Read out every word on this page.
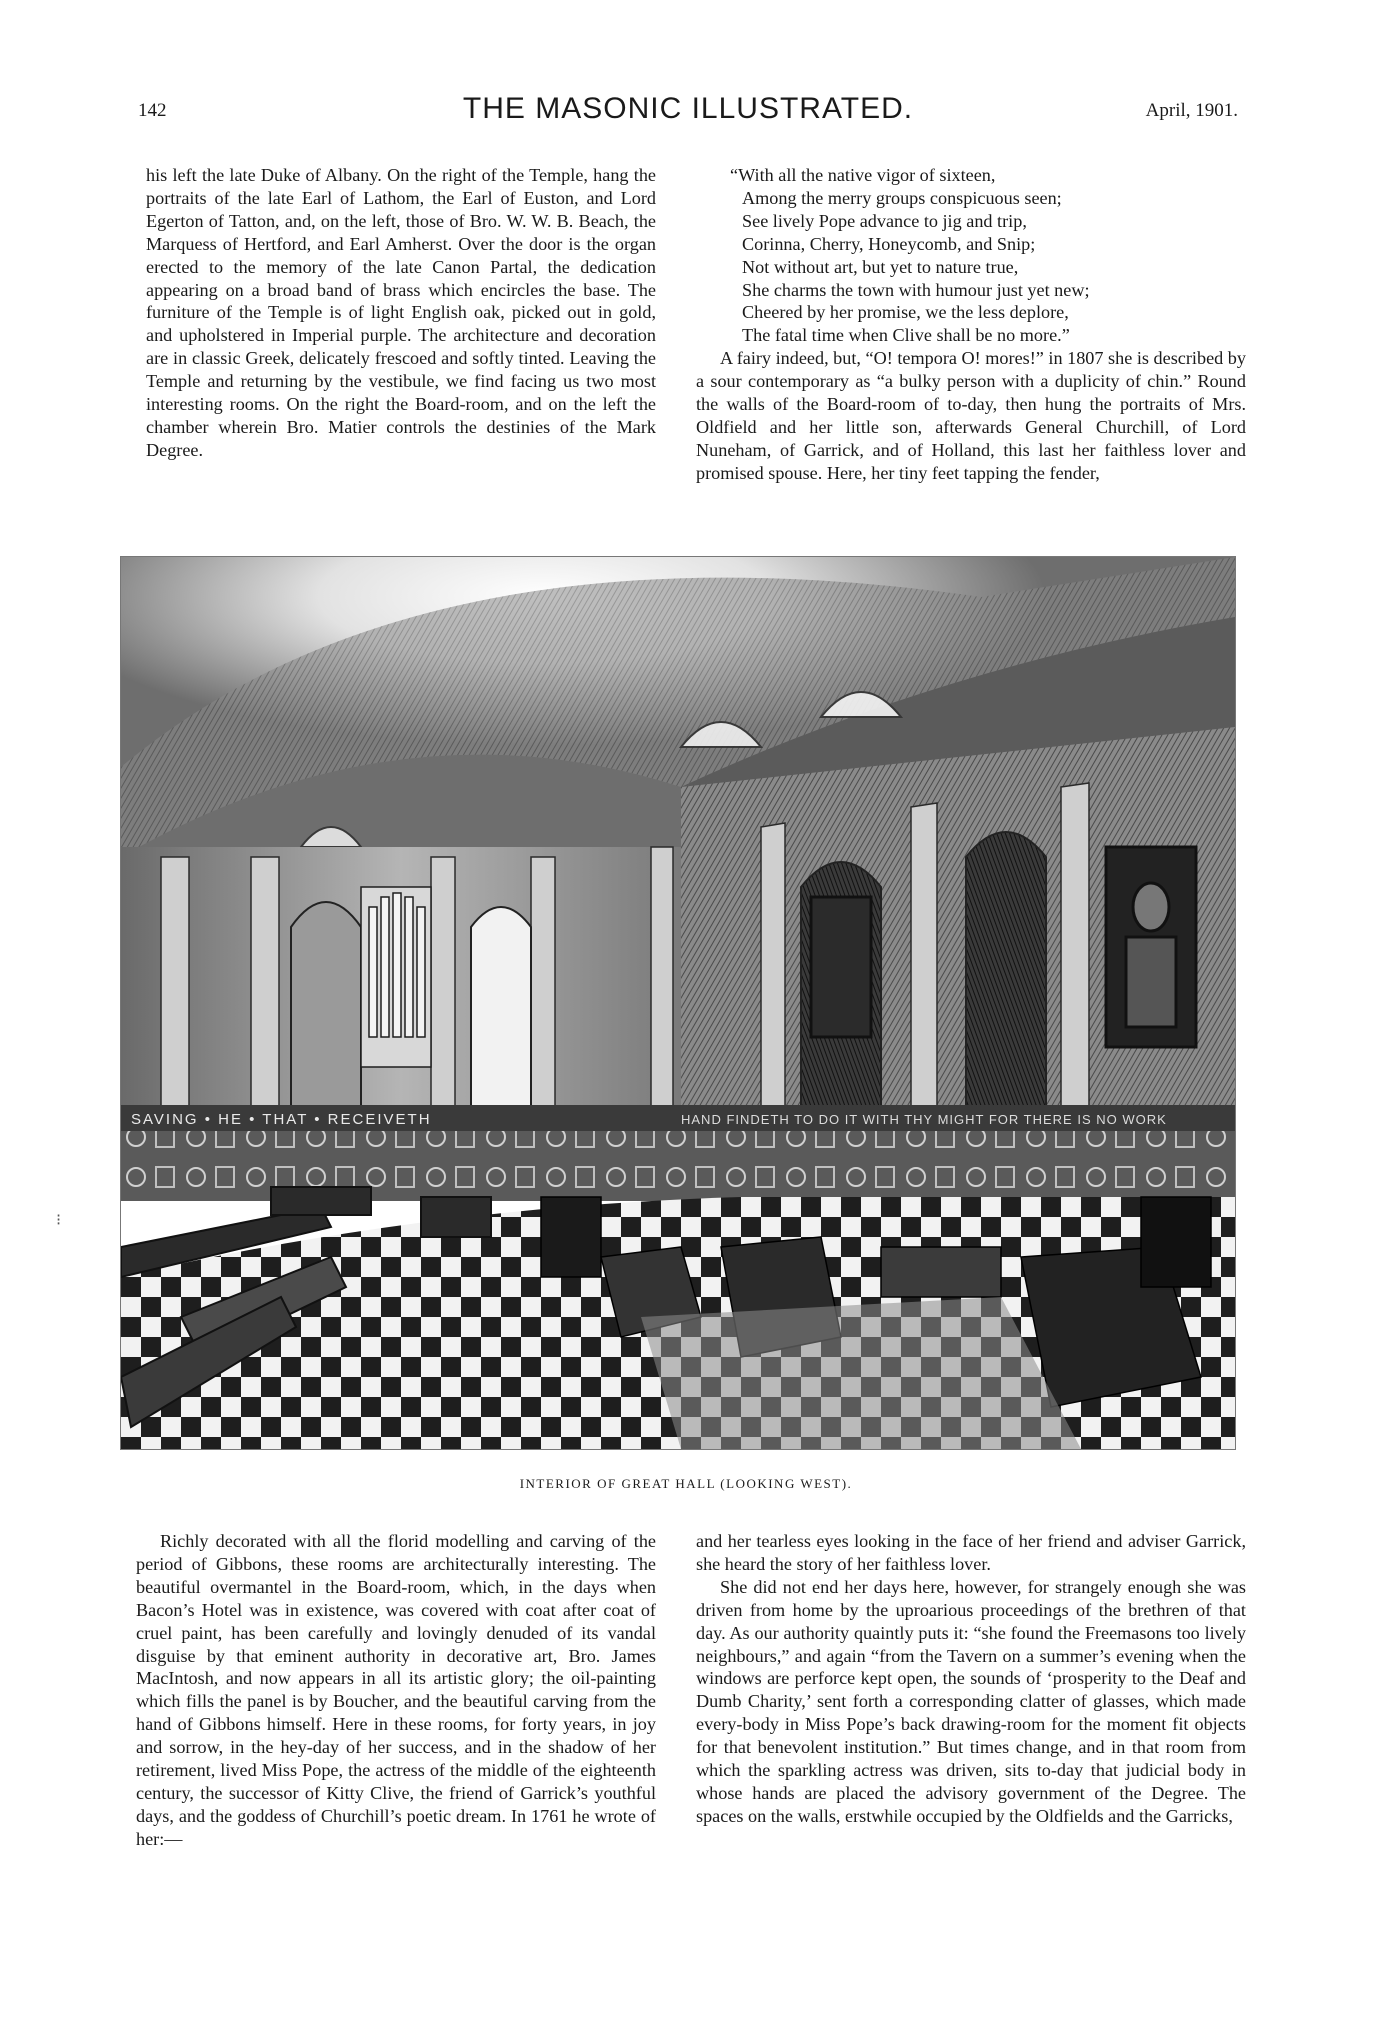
142	THE MASONIC ILLUSTRATED.	April, 1901.

his left the late Duke of Albany. On the right of the Temple, hang the portraits of the late Earl of Lathom, the Earl of Euston, and Lord Egerton of Tatton, and, on the left, those of Bro. W. W. B. Beach, the Marquess of Hertford, and Earl Amherst. Over the door is the organ erected to the memory of the late Canon Partal, the dedication appearing on a broad band of brass which encircles the base. The furniture of the Temple is of light English oak, picked out in gold, and upholstered in Imperial purple. The architecture and decoration are in classic Greek, delicately frescoed and softly tinted. Leaving the Temple and returning by the vestibule, we find facing us two most interesting rooms. On the right the Board-room, and on the left the chamber wherein Bro. Matier controls the destinies of the Mark Degree.

“With all the native vigor of sixteen,
Among the merry groups conspicuous seen;
See lively Pope advance to jig and trip,
Corinna, Cherry, Honeycomb, and Snip;
Not without art, but yet to nature true,
She charms the town with humour just yet new;
Cheered by her promise, we the less deplore,
The fatal time when Clive shall be no more.”

A fairy indeed, but, “O! tempora O! mores!” in 1807 she is described by a sour contemporary as “a bulky person with a duplicity of chin.” Round the walls of the Board-room of to-day, then hung the portraits of Mrs. Oldfield and her little son, afterwards General Churchill, of Lord Nuneham, of Garrick, and of Holland, this last her faithless lover and promised spouse. Here, her tiny feet tapping the fender,

SAVING • HE • THAT • RECEIVETH	HAND FINDETH TO DO IT WITH THY MIGHT FOR THERE IS NO WORK
INTERIOR OF GREAT HALL (LOOKING WEST).
⁝

Richly decorated with all the florid modelling and carving of the period of Gibbons, these rooms are architecturally interesting. The beautiful overmantel in the Board-room, which, in the days when Bacon’s Hotel was in existence, was covered with coat after coat of cruel paint, has been carefully and lovingly denuded of its vandal disguise by that eminent authority in decorative art, Bro. James MacIntosh, and now appears in all its artistic glory; the oil-painting which fills the panel is by Boucher, and the beautiful carving from the hand of Gibbons himself. Here in these rooms, for forty years, in joy and sorrow, in the hey-day of her success, and in the shadow of her retirement, lived Miss Pope, the actress of the middle of the eighteenth century, the successor of Kitty Clive, the friend of Garrick’s youthful days, and the goddess of Churchill’s poetic dream. In 1761 he wrote of her:—

and her tearless eyes looking in the face of her friend and adviser Garrick, she heard the story of her faithless lover.

She did not end her days here, however, for strangely enough she was driven from home by the uproarious proceedings of the brethren of that day. As our authority quaintly puts it: “she found the Freemasons too lively neighbours,” and again “from the Tavern on a summer’s evening when the windows are perforce kept open, the sounds of ‘prosperity to the Deaf and Dumb Charity,’ sent forth a corresponding clatter of glasses, which made every-body in Miss Pope’s back drawing-room for the moment fit objects for that benevolent institution.” But times change, and in that room from which the sparkling actress was driven, sits to-day that judicial body in whose hands are placed the advisory government of the Degree. The spaces on the walls, erstwhile occupied by the Oldfields and the Garricks,
